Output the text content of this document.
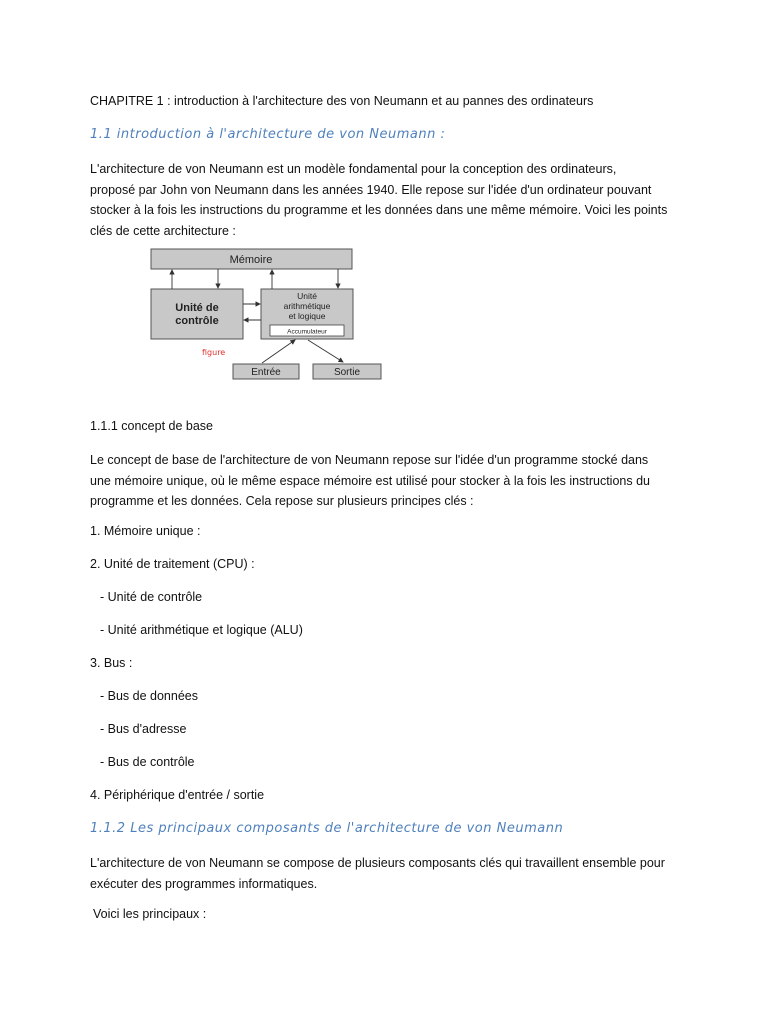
CHAPITRE 1 : introduction à l'architecture des von Neumann et au pannes des ordinateurs

1.1 introduction à l'architecture de von Neumann :
L'architecture de von Neumann est un modèle fondamental pour la conception des ordinateurs,
proposé par John von Neumann dans les années 1940. Elle repose sur l'idée d'un ordinateur pouvant
stocker à la fois les instructions du programme et les données dans une même mémoire. Voici les points
clés de cette architecture :
Mémoire
Unité de
contrôle
Unité
arithmétique
et logique
Accumulateur
figure
Entrée	Sortie

1.1.1 concept de base

Le concept de base de l'architecture de von Neumann repose sur l'idée d'un programme stocké dans
une mémoire unique, où le même espace mémoire est utilisé pour stocker à la fois les instructions du
programme et les données. Cela repose sur plusieurs principes clés :

1. Mémoire unique :

2. Unité de traitement (CPU) :

- Unité de contrôle

- Unité arithmétique et logique (ALU)

3. Bus :

- Bus de données

- Bus d'adresse

- Bus de contrôle

4. Périphérique d'entrée / sortie

1.1.2 Les principaux composants de l'architecture de von Neumann
L'architecture de von Neumann se compose de plusieurs composants clés qui travaillent ensemble pour
exécuter des programmes informatiques.

Voici les principaux :
